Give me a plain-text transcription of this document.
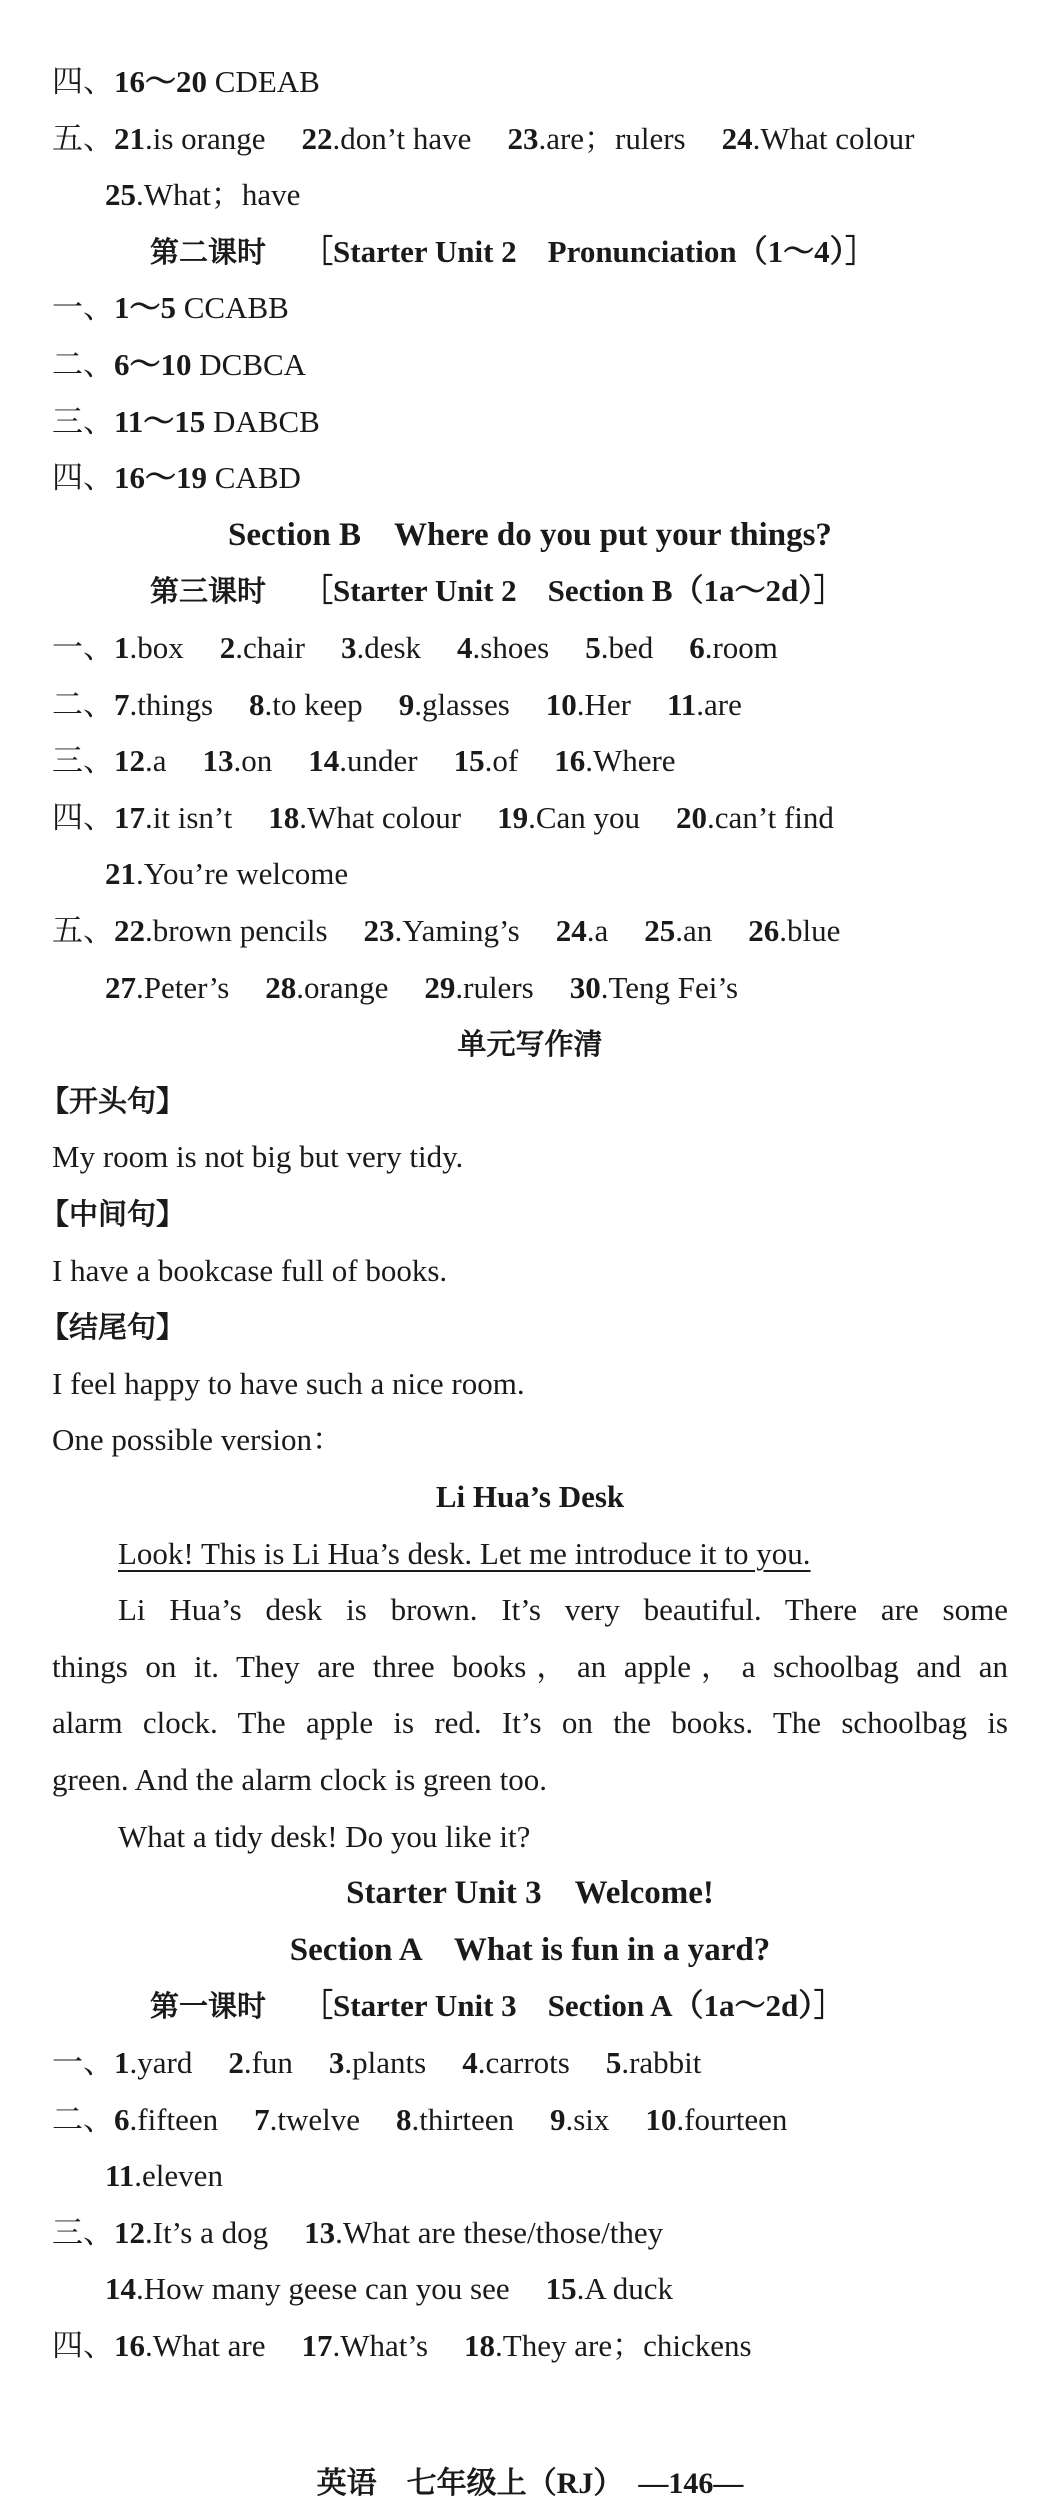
四、16～20 CDEAB
五、21.is orange 22.don’t have 23.are；rulers 24.What colour
25.What；have
第二课时 ［Starter Unit 2　Pronunciation（1～4）］
一、1～5 CCABB
二、6～10 DCBCA
三、11～15 DABCB
四、16～19 CABD
Section B　Where do you put your things?
第三课时 ［Starter Unit 2　Section B（1a～2d）］
一、1.box 2.chair 3.desk 4.shoes 5.bed 6.room
二、7.things 8.to keep 9.glasses 10.Her 11.are
三、12.a 13.on 14.under 15.of 16.Where
四、17.it isn’t 18.What colour 19.Can you 20.can’t find
21.You’re welcome
五、22.brown pencils 23.Yaming’s 24.a 25.an 26.blue
27.Peter’s 28.orange 29.rulers 30.Teng Fei’s
单元写作清
【开头句】
My room is not big but very tidy.
【中间句】
I have a bookcase full of books.
【结尾句】
I feel happy to have such a nice room.
One possible version：
Li Hua’s Desk
Look! This is Li Hua’s desk. Let me introduce it to you.
Li Hua’s desk is brown. It’s very beautiful. There are some
things on it. They are three books，an apple，a schoolbag and an
alarm clock. The apple is red. It’s on the books. The schoolbag is
green. And the alarm clock is green too.
What a tidy desk! Do you like it?
Starter Unit 3　Welcome!
Section A　What is fun in a yard?
第一课时 ［Starter Unit 3　Section A（1a～2d）］
一、1.yard 2.fun 3.plants 4.carrots 5.rabbit
二、6.fifteen 7.twelve 8.thirteen 9.six 10.fourteen
11.eleven
三、12.It’s a dog 13.What are these/those/they
14.How many geese can you see 15.A duck
四、16.What are 17.What’s 18.They are；chickens
英语　七年级上（RJ）　—146—
